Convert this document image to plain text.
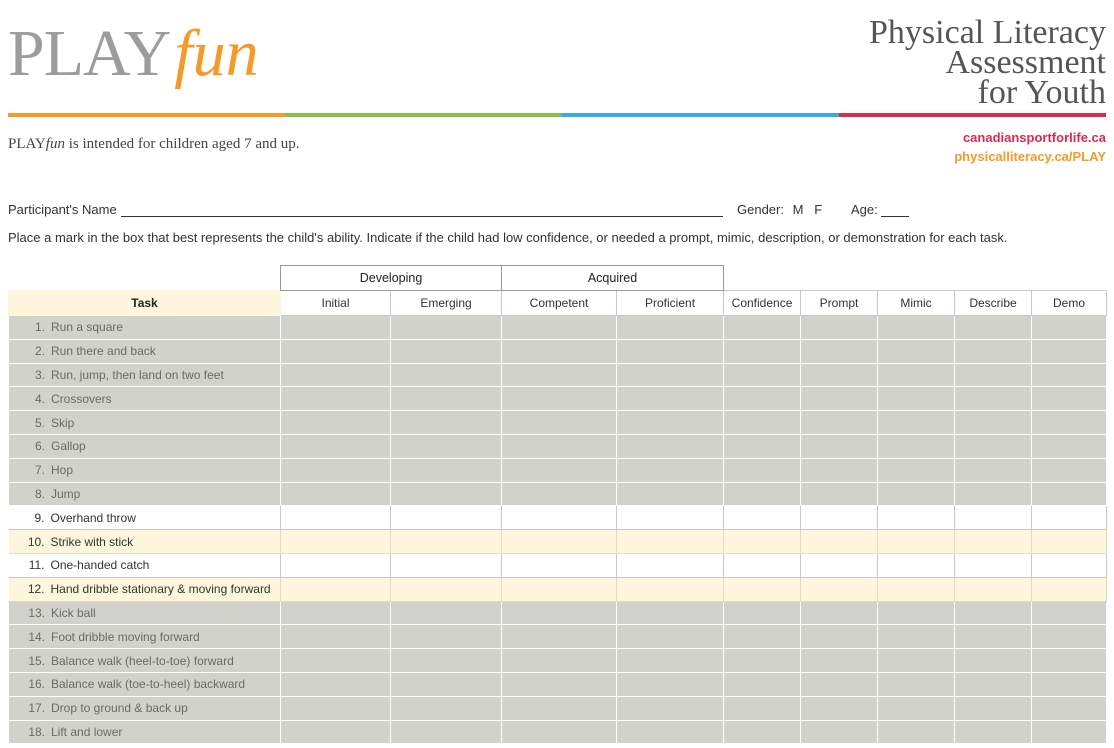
PLAYfun	Physical Literacy
Assessment
for Youth
PLAYfun is intended for children aged 7 and up.	canadiansportforlife.ca
physicalliteracy.ca/PLAY
Participant's Name	Gender: M   F Age:
Place a mark in the box that best represents the child's ability. Indicate if the child had low confidence, or needed a prompt, mimic, description, or demonstration for each task.
	Developing		Acquired						
Task	Initial	Emerging	Competent	Proficient	Confidence	Prompt	Mimic	Describe	Demo
1. Run a square									
2. Run there and back									
3. Run, jump, then land on two feet									
4. Crossovers									
5. Skip									
6. Gallop									
7. Hop									
8. Jump									
9. Overhand throw									
10. Strike with stick									
11. One-handed catch									
12. Hand dribble stationary & moving forward									
13. Kick ball									
14. Foot dribble moving forward									
15. Balance walk (heel-to-toe) forward									
16. Balance walk (toe-to-heel) backward									
17. Drop to ground & back up									
18. Lift and lower									
